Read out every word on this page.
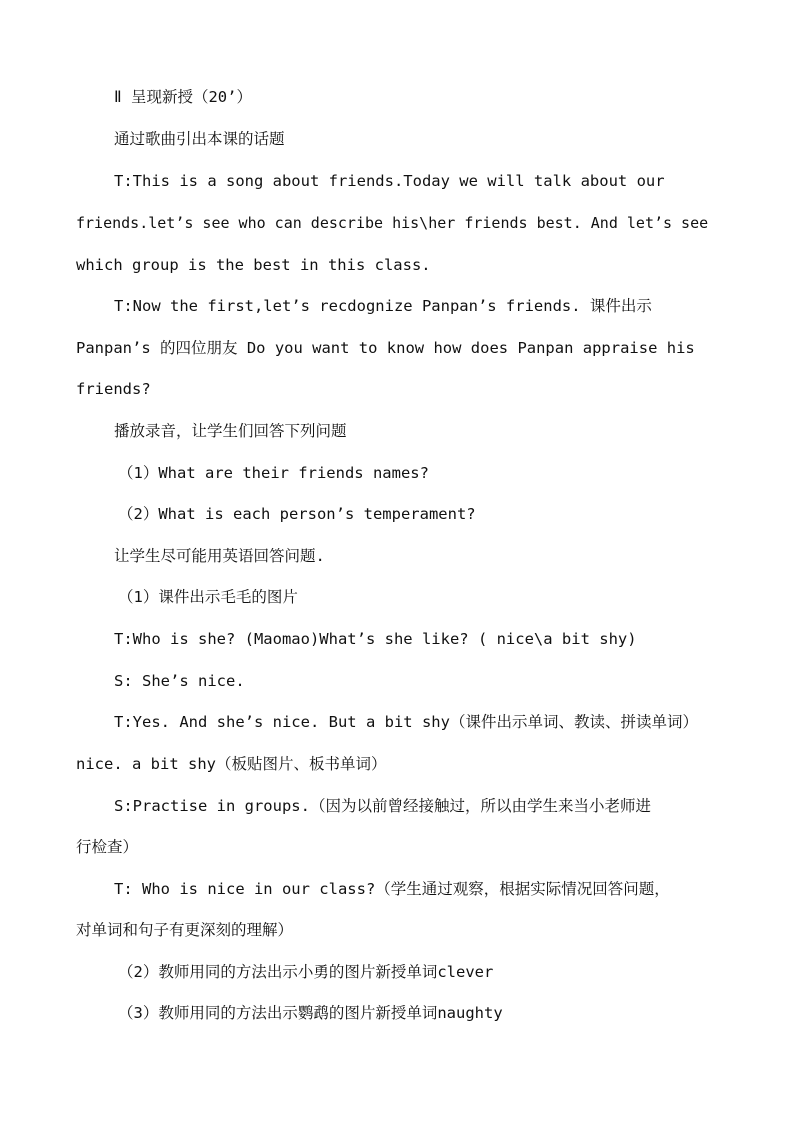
Ⅱ 呈现新授（20’）
通过歌曲引出本课的话题
T:This is a song about friends.Today we will talk about our
friends.let’s see who can describe his\her friends best. And let’s see
which group is the best in this class.
T:Now the first,let’s recdognize Panpan’s friends. 课件出示
Panpan’s 的四位朋友 Do you want to know how does Panpan appraise his
friends?
播放录音，让学生们回答下列问题
（1）What are their friends names?
（2）What is each person’s temperament?
让学生尽可能用英语回答问题.
（1）课件出示毛毛的图片
T:Who is she? (Maomao)What’s she like? ( nice\a bit shy)
S: She’s nice.
T:Yes. And she’s nice. But a bit shy（课件出示单词、教读、拼读单词）
nice. a bit shy（板贴图片、板书单词）
S:Practise in groups.（因为以前曾经接触过，所以由学生来当小老师进
行检查）
T: Who is nice in our class?（学生通过观察，根据实际情况回答问题，
对单词和句子有更深刻的理解）
（2）教师用同的方法出示小勇的图片新授单词clever
（3）教师用同的方法出示鹦鹉的图片新授单词naughty
